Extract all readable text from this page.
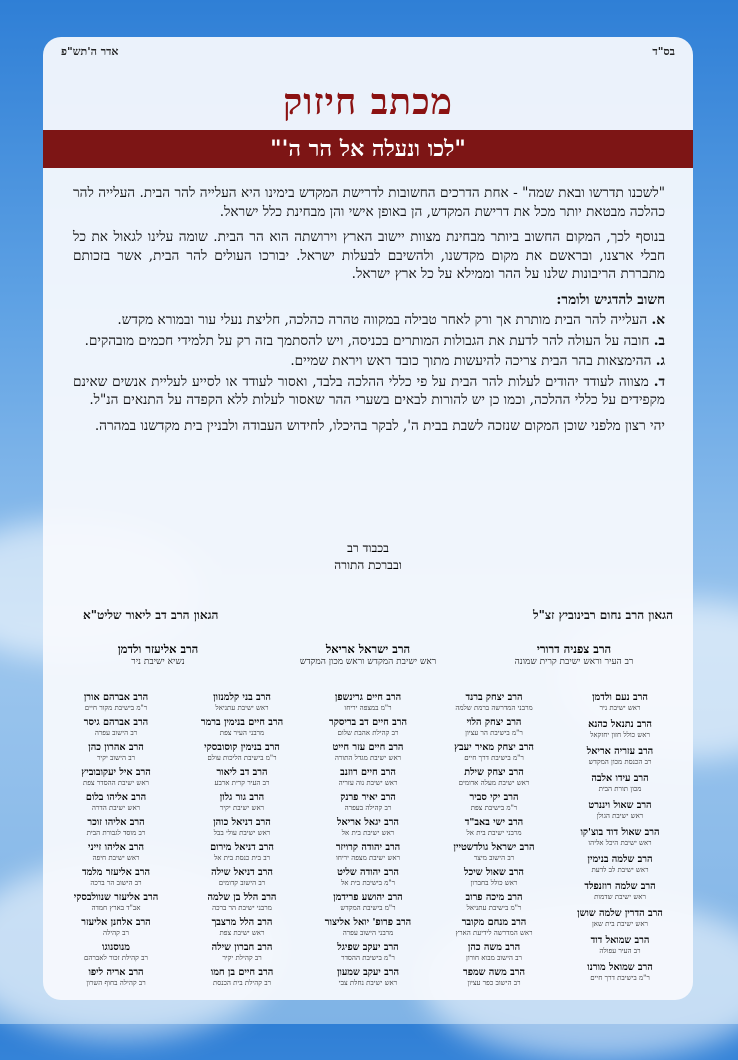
אדר ה'תש"פ	בס"ד
מכתב חיזוק
"לכו ונעלה אל הר ה'"

"לשכנו תדרשו ובאת שמה" - אחת הדרכים החשובות לדרישת המקדש בימינו היא העלייה להר הבית. העלייה להר כהלכה מבטאת יותר מכל את דרישת המקדש, הן באופן אישי והן מבחינת כלל ישראל.

בנוסף לכך, המקום החשוב ביותר מבחינת מצוות יישוב הארץ וירושתה הוא הר הבית. שומה עלינו לגאול את כל חבלי ארצנו, ובראשם את מקום מקדשנו, ולהשיבם לבעלות ישראל. יבורכו העולים להר הבית, אשר בזכותם מתבררת הריבונות שלנו על ההר וממילא על כל ארץ ישראל.

חשוב להדגיש ולומר:

א. העלייה להר הבית מותרת אך ורק לאחר טבילה במקווה טהרה כהלכה, חליצת נעלי עור ובמורא מקדש.

ב. חובה על העולה להר לדעת את הגבולות המותרים בכניסה, ויש להסתמך בזה רק על תלמידי חכמים מובהקים.

ג. ההימצאות בהר הבית צריכה להיעשות מתוך כובד ראש ויראת שמיים.

ד. מצווה לעודד יהודים לעלות להר הבית על פי כללי ההלכה בלבד, ואסור לעודד או לסייע לעליית אנשים שאינם מקפידים על כללי ההלכה, וכמו כן יש להורות לבאים בשערי ההר שאסור לעלות ללא הקפדה על התנאים הנ"ל.

יהי רצון מלפני שוכן המקום שנזכה לשבת בבית ה', לבקר בהיכלו, לחידוש העבודה ולבניין בית מקדשנו במהרה.

בכבוד רב
ובברכת התורה
הגאון הרב נחום רבינוביץ זצ"ל
הגאון הרב דב ליאור שליט"א
הרב צפניה דרורי
רב העיר וראש ישיבת קרית שמונה
הרב ישראל אריאל
ראש ישיבת המקדש וראש מכון המקדש
הרב אליעזר ולדמן
נשיא ישיבת ניר
הרב אברהם אורן
ר"מ בישיבת מקור חיים
הרב אברהם גיסר
רב הישוב עפרה
הרב אהרון כהן
רב הישוב יקיר
הרב איל יעקובוביץ
ראש ישיבת ההסדר צפת
הרב אליהו בלום
ראש ישיבת הדרה
הרב אליהו זוכר
רב מוסד לגבורת הבית
הרב אליהו זייני
ראש ישיבת חיפה
הרב אליעזר מלמד
רב הישוב הר ברכה
הרב אליעזר שנוולבסקי
אב"ד בארץ חמדה
הרב אלחנן אליעזר
רב קהילה
מנוסנוגו
רב קהילת זכור לאברהם
הרב אריה ליפו
רב קהילה בחוף השרון
הרב בני קלמנזון
ראש ישיבת עתניאל
הרב חיים בנימין ברמר
מרבני העיר צפת
הרב בנימין קוסובסקי
ר"מ בישיבת הליכות עולם
הרב דב ליאור
רב העיר קרית ארבע
הרב גור גלון
ראש ישיבת יקיר
הרב דניאל כוהן
ראש ישיבת עולי בבל
הרב דניאל מירום
רב בית כנסת בית אל
הרב דניאל שילה
רב הישוב קדומים
הרב הלל בן שלמה
מרבני ישיבת הר ברכה
הרב הלל מרצבך
ראש ישיבת צפת
הרב חברון שילה
רב קהילת יקיר
הרב חיים בן חמו
רב קהילת בית הכנסת
הרב חיים גרינשפן
ר"מ במצפה יריחו
הרב חיים דב בריסקר
רב קהילת אהבת שלום
הרב חיים עזר חייט
ראש ישיבת מגדל התורה
הרב חיים רוזנב
ראש ישיבת נוה עזריה
הרב יאיר פרנק
רב קהילה בעפרה
הרב יגאל אריאל
ראש ישיבת בית אל
הרב יהודה קרויזר
ראש ישיבת מצפה יריחו
הרב יהודה שליט
ר"מ בישיבת בית אל
הרב יהושע פרידמן
ר"מ בישיבת המקדש
הרב פרופ' יואל אליצור
מרבני הישוב עפרה
הרב יעקב שפיגל
ר"מ בישיבת ההסדר
הרב יעקב שמעון
ראש ישיבת נחלת צבי
הרב יצחק ברנד
מרבני המדרשה ברמת שלמה
הרב יצחק הלוי
ר"מ בישיבת הר עציון
הרב יצחק מאיר יעבץ
ר"מ בישיבת דרך חיים
הרב יצחק שילת
ראש ישיבת מעלה אדומים
הרב יקי סביר
ר"מ בישיבת צפת
הרב ישי באב"ד
מרבני ישיבת בית אל
הרב ישראל גולדשטיין
רב הישוב מיצר
הרב שאול שיכל
ראש כולל בחברון
הרב מיכה פרוב
ר"מ בישיבת עתניאל
הרב מנחם מקובר
ראש המדרשה לידיעת הארץ
הרב משה כהן
רב הישוב מבוא חורון
הרב משה שמפר
רב הישוב כפר עציון
הרב נעם ולדמן
ראש ישיבת ניר
הרב נתנאל כהנא
ראש כולל חזון יחזקאל
הרב עזריה אריאל
רב הכנסת מכון המקדש
הרב עידו אלבה
מכון תורת הבית
הרב שאול ויננרט
ראש ישיבת הגולן
הרב שאול דוד בוצ'קו
ראש ישיבת היכל אליהו
הרב שלמה בנימין
ראש ישיבת לב לדעת
הרב שלמה רוזנפלד
ראש ישיבת שדמות
הרב הדרין שלמה שושן
ראש ישיבת בית שאן
הרב שמואל דוד
רב העיר עפולה
הרב שמואל מורנו
ר"מ בישיבת דרך חיים
